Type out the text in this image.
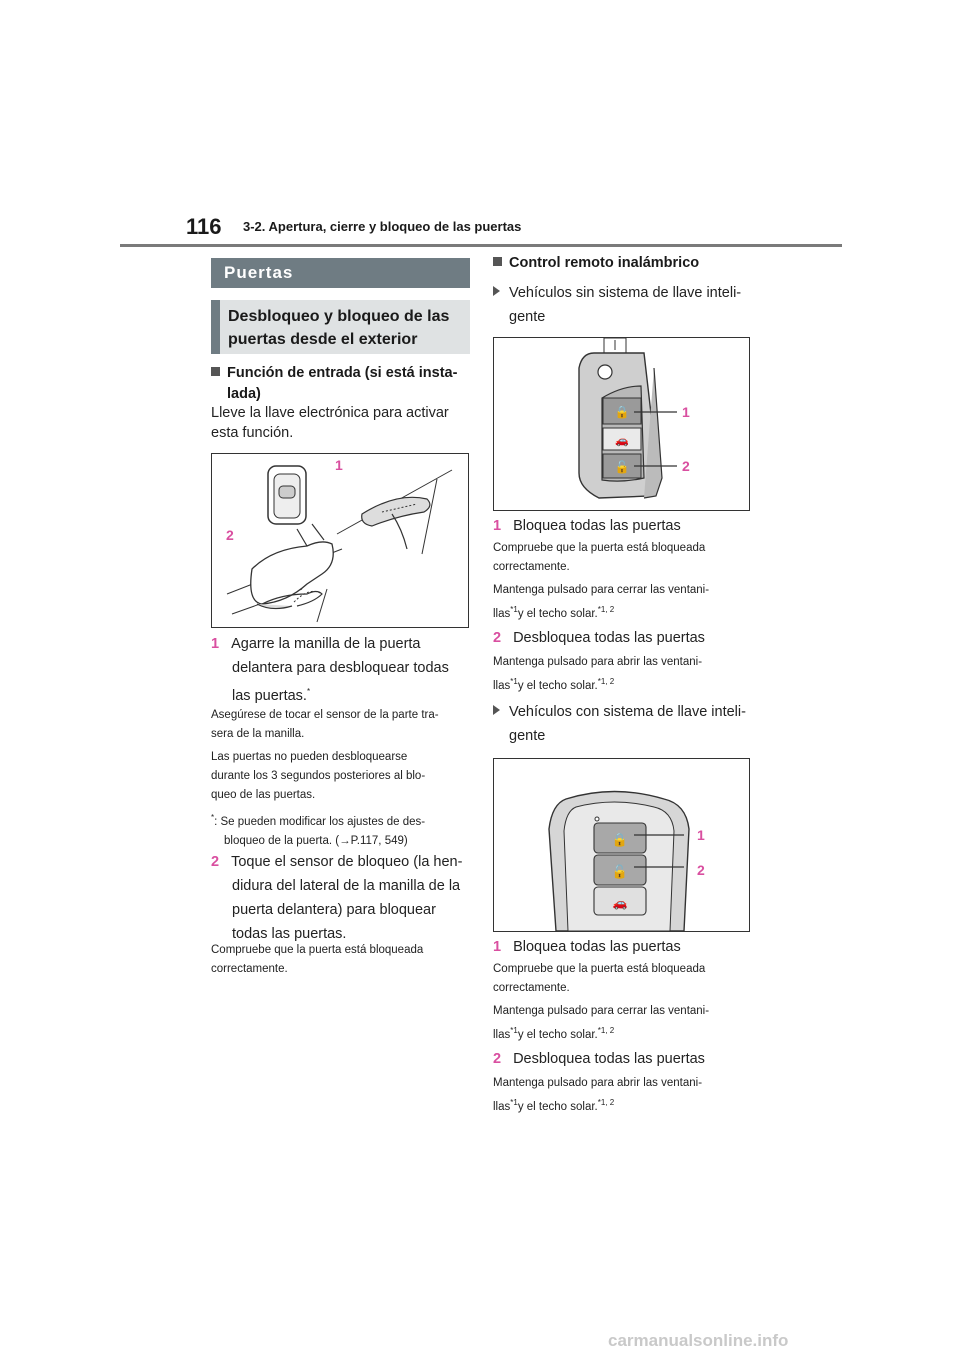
116 3-2. Apertura, cierre y bloqueo de las puertas
Puertas
Desbloqueo y bloqueo de las
puertas desde el exterior
Función de entrada (si está insta-
lada)
Lleve la llave electrónica para activar
esta función.
1
2
1 Agarre la manilla de la puerta
delantera para desbloquear todas
las puertas.*
Asegúrese de tocar el sensor de la parte tra-
sera de la manilla.
Las puertas no pueden desbloquearse
durante los 3 segundos posteriores al blo-
queo de las puertas.
*: Se pueden modificar los ajustes de des-
bloqueo de la puerta. (→P.117, 549)
2 Toque el sensor de bloqueo (la hen-
didura del lateral de la manilla de la
puerta delantera) para bloquear
todas las puertas.
Compruebe que la puerta está bloqueada
correctamente.
Control remoto inalámbrico
Vehículos sin sistema de llave inteli-
gente
🔒
🚗
🔓
1
2
1 Bloquea todas las puertas
Compruebe que la puerta está bloqueada
correctamente.
Mantenga pulsado para cerrar las ventani-
llas$^{*1}$y el techo solar.$^{*1, 2}$
2 Desbloquea todas las puertas
Mantenga pulsado para abrir las ventani-
llas$^{*1}$y el techo solar.$^{*1, 2}$
Vehículos con sistema de llave inteli-
gente
🔒
🔓
🚗
1
2
1 Bloquea todas las puertas
Compruebe que la puerta está bloqueada
correctamente.
Mantenga pulsado para cerrar las ventani-
llas$^{*1}$y el techo solar.$^{*1, 2}$
2 Desbloquea todas las puertas
Mantenga pulsado para abrir las ventani-
llas$^{*1}$y el techo solar.$^{*1, 2}$
carmanualsonline.info
